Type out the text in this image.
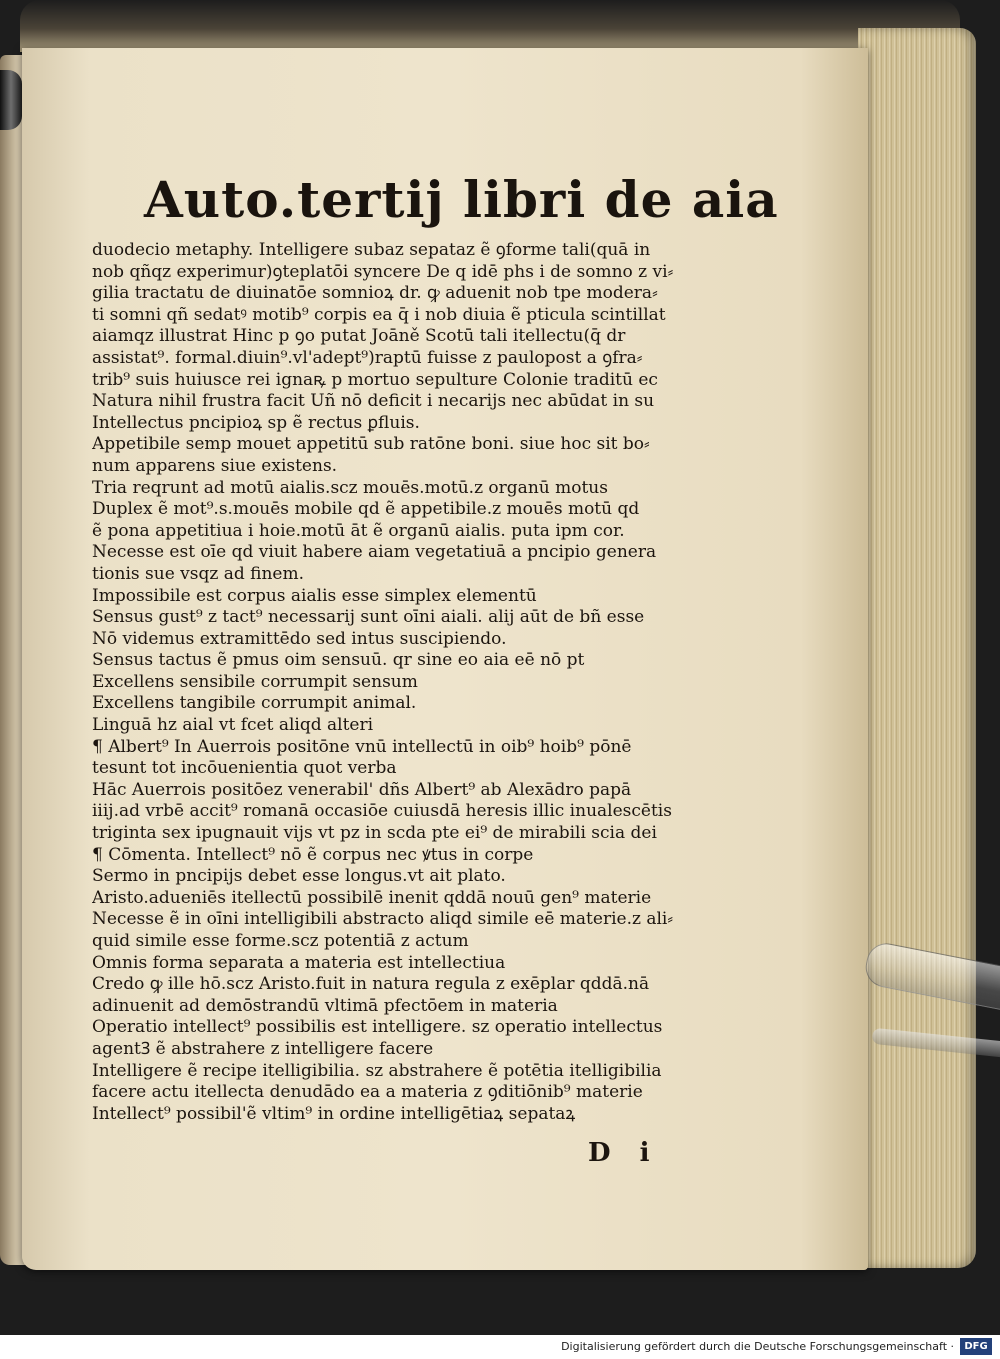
Auto.tertij libri de aia
duodecio metaphy. Intelligere subaz sepataz ẽ ꝯforme tali(quā in
nob qñqz experimur)ꝯteplatōi syncere De q idē phs i de somno z vi⸗
gilia tractatu de diuinatōe somnioꝝ dr. ꝙ aduenit nob tpe modera⸗
ti somni qñ sedatꝰ motib⁹ corpis ea q̄ i nob diuia ẽ pticula scintillat
aiamqz illustrat Hinc p ꝯo putat Joāně Scotū tali itellectu(q̄ dr
assistat⁹. formal.diuin⁹.vl'adept⁹)raptū fuisse z paulopost a ꝯfra⸗
trib⁹ suis huiusce rei ignaꝶ p mortuo sepulture Colonie traditū ec
Natura nihil frustra facit Uñ nō deficit i necarijs nec abūdat in su
Intellectus pncipioꝝ sp ẽ rectus ꝑfluis.
Appetibile semp mouet appetitū sub ratōne boni. siue hoc sit bo⸗
num apparens siue existens.
Tria reqrunt ad motū aialis.scz mouēs.motū.z organū motus
Duplex ẽ mot⁹.s.mouēs mobile qd ẽ appetibile.z mouēs motū qd
ẽ pona appetitiua i hoie.motū āt ẽ organū aialis. puta ipm cor.
Necesse est oīe qd viuit habere aiam vegetatiuā a pncipio genera
tionis sue vsqz ad finem.
Impossibile est corpus aialis esse simplex elementū
Sensus gust⁹ z tact⁹ necessarij sunt oīni aiali. alij aūt de bñ esse
Nō videmus extramittēdo sed intus suscipiendo.
Sensus tactus ẽ pmus oim sensuū. qr sine eo aia eē nō pt
Excellens sensibile corrumpit sensum
Excellens tangibile corrumpit animal.
Linguā hz aial vt fcet aliqd alteri
¶ Albert⁹ In Auerrois positōne vnū intellectū in oib⁹ hoib⁹ pōnē
tesunt tot incōuenientia quot verba
Hāc Auerrois positōez venerabil' dñs Albert⁹ ab Alexādro papā
iiij.ad vrbē accit⁹ romanā occasiōe cuiusdā heresis illic inualescētis
triginta sex ipugnauit vijs vt pz in scda pte ei⁹ de mirabili scia dei
¶ Cōmenta. Intellect⁹ nō ẽ corpus nec ꝟtus in corpe
Sermo in pncipijs debet esse longus.vt ait plato.
Aristo.adueniēs itellectū possibilē inenit qddā nouū gen⁹ materie
Necesse ẽ in oīni intelligibili abstracto aliqd simile eē materie.z ali⸗
quid simile esse forme.scz potentiā z actum
Omnis forma separata a materia est intellectiua
Credo ꝙ ille hō.scz Aristo.fuit in natura regula z exēplar qddā.nā
adinuenit ad demōstrandū vltimā pfectōem in materia
Operatio intellect⁹ possibilis est intelligere. sz operatio intellectus
agentꝪ ẽ abstrahere z intelligere facere
Intelligere ẽ recipe itelligibilia. sz abstrahere ẽ potētia itelligibilia
facere actu itellecta denudādo ea a materia z ꝯditiōnib⁹ materie
Intellect⁹ possibil'ẽ vltim⁹ in ordine intelligētiaꝝ sepataꝝ
D i
Digitalisierung gefördert durch die Deutsche Forschungsgemeinschaft ·	DFG
